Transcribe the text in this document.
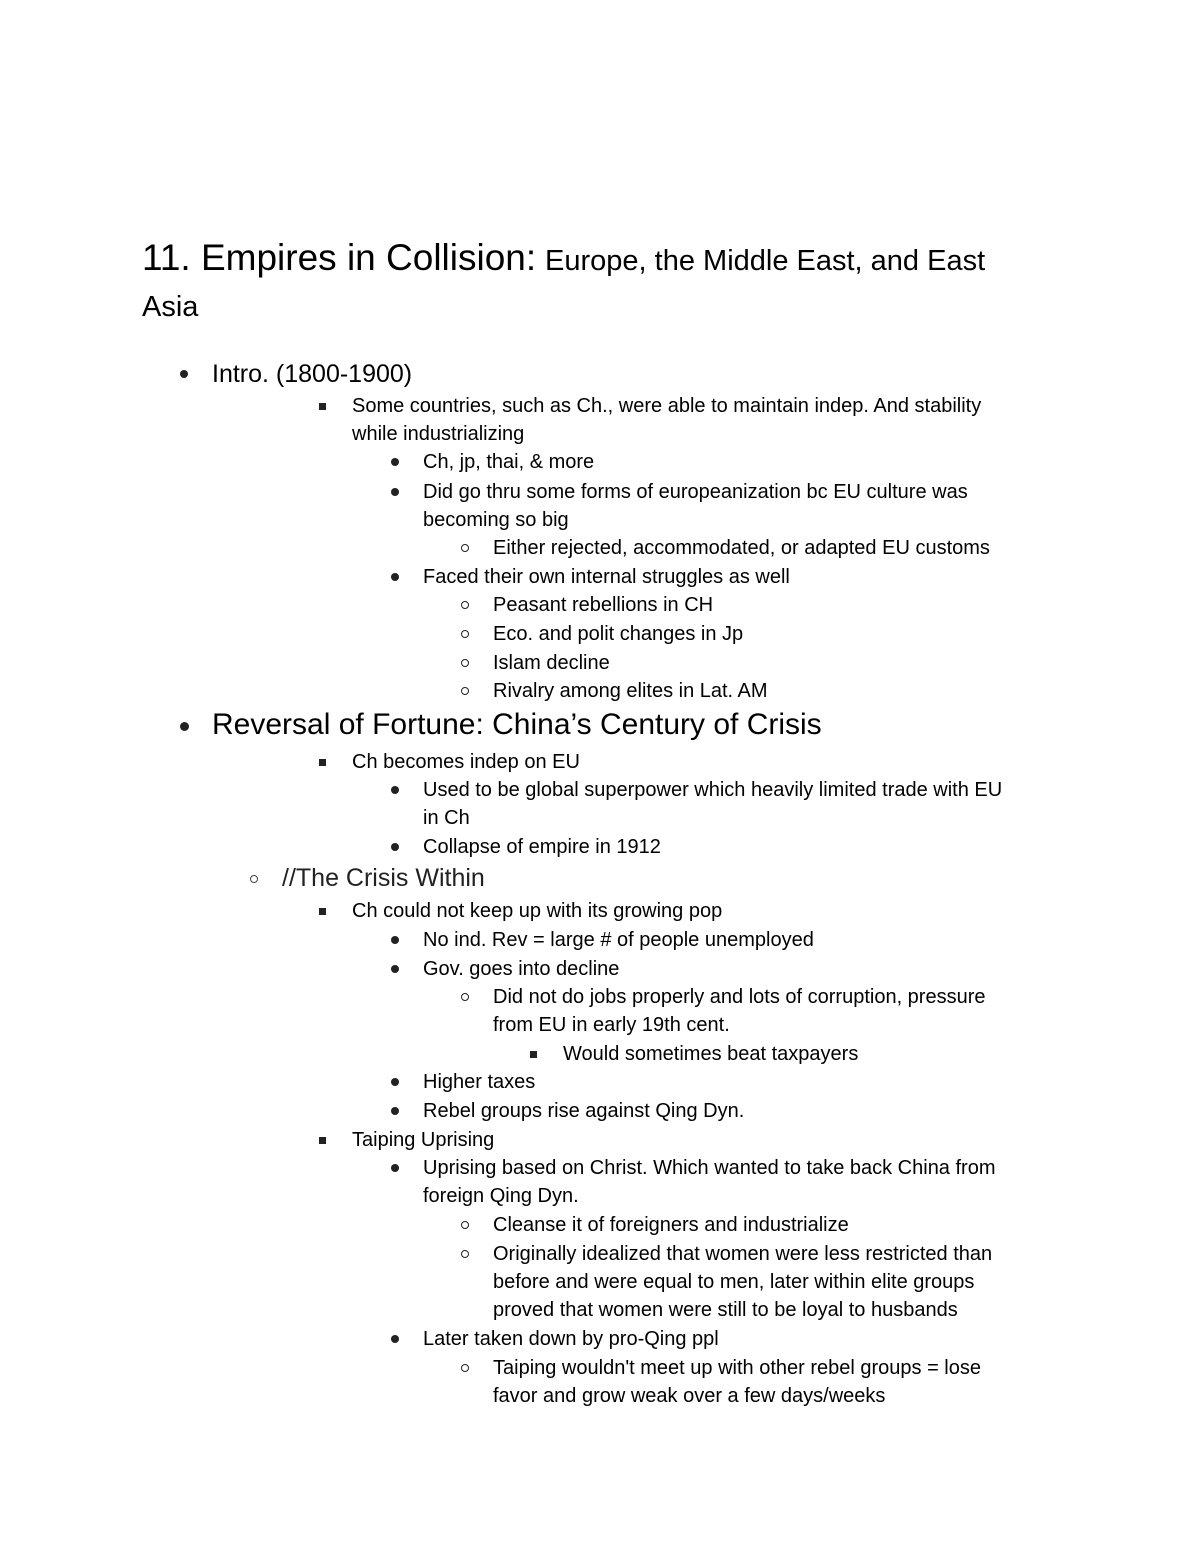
11. Empires in Collision: Europe, the Middle East, and East
Asia
Intro. (1800-1900)
Some countries, such as Ch., were able to maintain indep. And stability
while industrializing
Ch, jp, thai, & more
Did go thru some forms of europeanization bc EU culture was
becoming so big
Either rejected, accommodated, or adapted EU customs
Faced their own internal struggles as well
Peasant rebellions in CH
Eco. and polit changes in Jp
Islam decline
Rivalry among elites in Lat. AM
Reversal of Fortune: China’s Century of Crisis
Ch becomes indep on EU
Used to be global superpower which heavily limited trade with EU
in Ch
Collapse of empire in 1912
//The Crisis Within
Ch could not keep up with its growing pop
No ind. Rev = large # of people unemployed
Gov. goes into decline
Did not do jobs properly and lots of corruption, pressure
from EU in early 19th cent.
Would sometimes beat taxpayers
Higher taxes
Rebel groups rise against Qing Dyn.
Taiping Uprising
Uprising based on Christ. Which wanted to take back China from
foreign Qing Dyn.
Cleanse it of foreigners and industrialize
Originally idealized that women were less restricted than
before and were equal to men, later within elite groups
proved that women were still to be loyal to husbands
Later taken down by pro-Qing ppl
Taiping wouldn't meet up with other rebel groups = lose
favor and grow weak over a few days/weeks
